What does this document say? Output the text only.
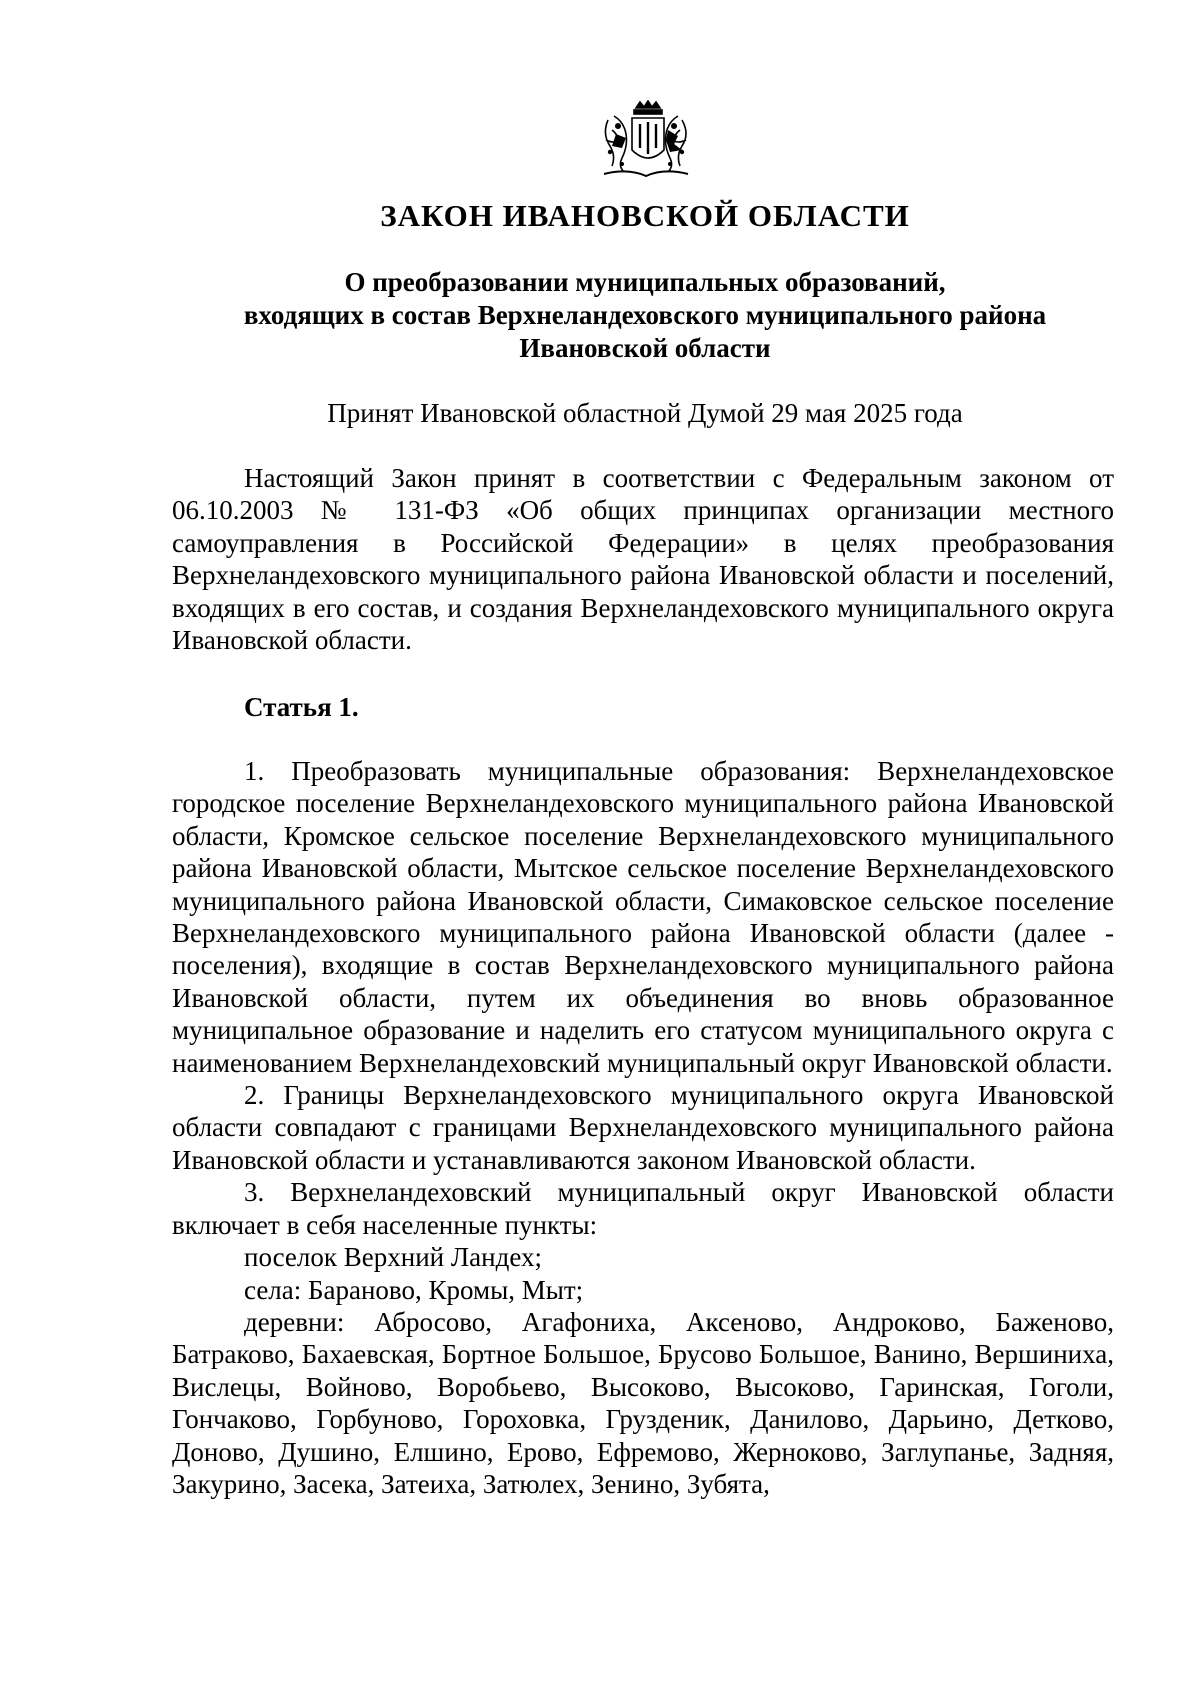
ЗАКОН ИВАНОВСКОЙ ОБЛАСТИ
О преобразовании муниципальных образований,
входящих в состав Верхнеландеховского муниципального района
Ивановской области
Принят Ивановской областной Думой 29 мая 2025 года

Настоящий Закон принят в соответствии с Федеральным законом от 06.10.2003 № 131-ФЗ «Об общих принципах организации местного самоуправления в Российской Федерации» в целях преобразования Верхнеландеховского муниципального района Ивановской области и поселений, входящих в его состав, и создания Верхнеландеховского муниципального округа Ивановской области.

Статья 1.

1. Преобразовать муниципальные образования: Верхнеландеховское городское поселение Верхнеландеховского муниципального района Ивановской области, Кромское сельское поселение Верхнеландеховского муниципального района Ивановской области, Мытское сельское поселение Верхнеландеховского муниципального района Ивановской области, Симаковское сельское поселение Верхнеландеховского муниципального района Ивановской области (далее - поселения), входящие в состав Верхнеландеховского муниципального района Ивановской области, путем их объединения во вновь образованное муниципальное образование и наделить его статусом муниципального округа с наименованием Верхнеландеховский муниципальный округ Ивановской области.

2. Границы Верхнеландеховского муниципального округа Ивановской области совпадают с границами Верхнеландеховского муниципального района Ивановской области и устанавливаются законом Ивановской области.

3. Верхнеландеховский муниципальный округ Ивановской области включает в себя населенные пункты:

поселок Верхний Ландех;

села: Бараново, Кромы, Мыт;

деревни: Абросово, Агафониха, Аксеново, Андроково, Баженово, Батраково, Бахаевская, Бортное Большое, Брусово Большое, Ванино, Вершиниха, Вислецы, Войново, Воробьево, Высоково, Высоково, Гаринская, Гоголи, Гончаково, Горбуново, Гороховка, Грузденик, Данилово, Дарьино, Детково, Доново, Душино, Елшино, Ерово, Ефремово, Жерноково, Заглупанье, Задняя, Закурино, Засека, Затеиха, Затюлех, Зенино, Зубята,
